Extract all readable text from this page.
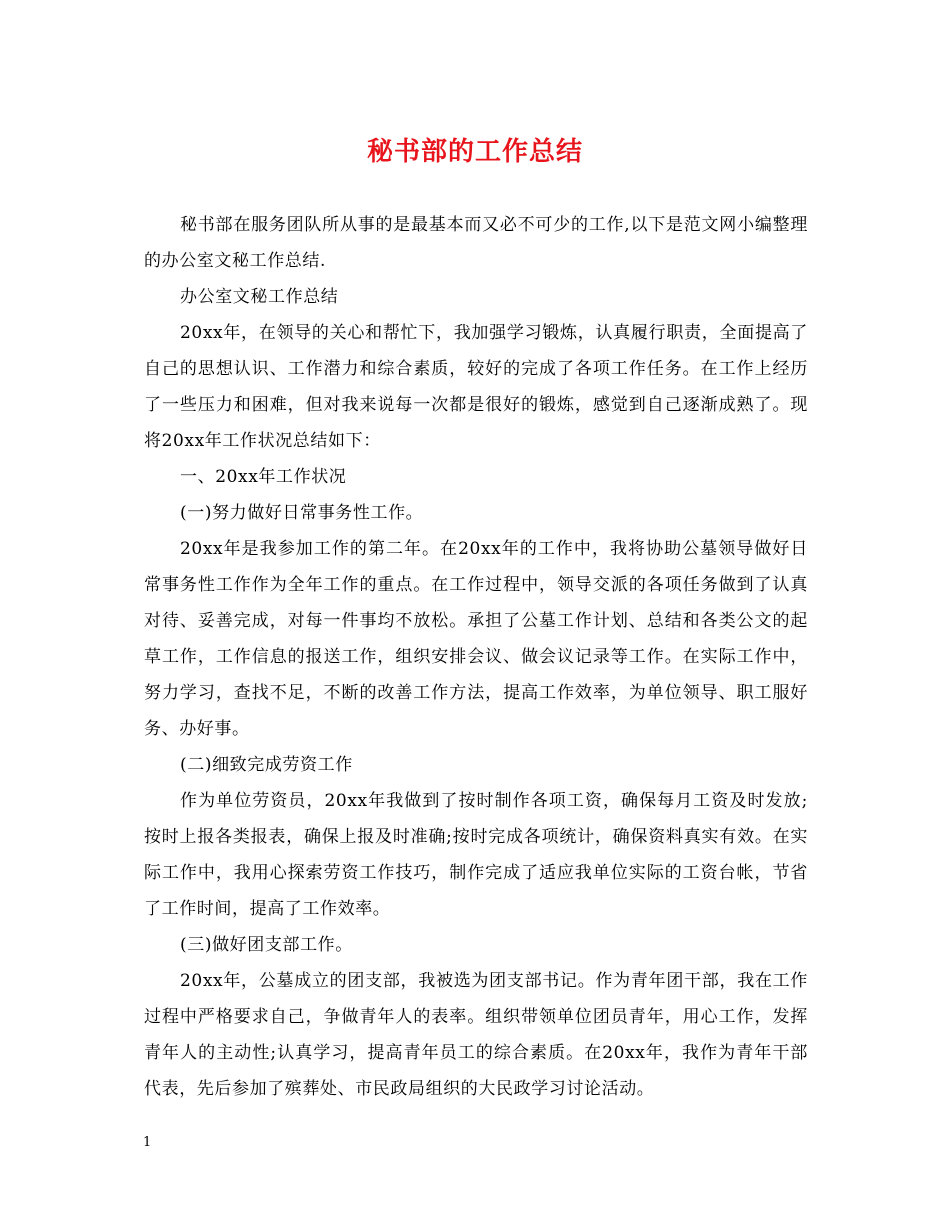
秘书部的工作总结

秘书部在服务团队所从事的是最基本而又必不可少的工作,以下是范文网小编整理的办公室文秘工作总结.

办公室文秘工作总结

20xx年，在领导的关心和帮忙下，我加强学习锻炼，认真履行职责，全面提高了自己的思想认识、工作潜力和综合素质，较好的完成了各项工作任务。在工作上经历了一些压力和困难，但对我来说每一次都是很好的锻炼，感觉到自己逐渐成熟了。现将20xx年工作状况总结如下：

一、20xx年工作状况

(一)努力做好日常事务性工作。

20xx年是我参加工作的第二年。在20xx年的工作中，我将协助公墓领导做好日常事务性工作作为全年工作的重点。在工作过程中，领导交派的各项任务做到了认真对待、妥善完成，对每一件事均不放松。承担了公墓工作计划、总结和各类公文的起草工作，工作信息的报送工作，组织安排会议、做会议记录等工作。在实际工作中，努力学习，查找不足，不断的改善工作方法，提高工作效率，为单位领导、职工服好务、办好事。

(二)细致完成劳资工作

作为单位劳资员，20xx年我做到了按时制作各项工资，确保每月工资及时发放;按时上报各类报表，确保上报及时准确;按时完成各项统计，确保资料真实有效。在实际工作中，我用心探索劳资工作技巧，制作完成了适应我单位实际的工资台帐，节省了工作时间，提高了工作效率。

(三)做好团支部工作。

20xx年，公墓成立的团支部，我被选为团支部书记。作为青年团干部，我在工作过程中严格要求自己，争做青年人的表率。组织带领单位团员青年，用心工作，发挥青年人的主动性;认真学习，提高青年员工的综合素质。在20xx年，我作为青年干部代表，先后参加了殡葬处、市民政局组织的大民政学习讨论活动。

1
